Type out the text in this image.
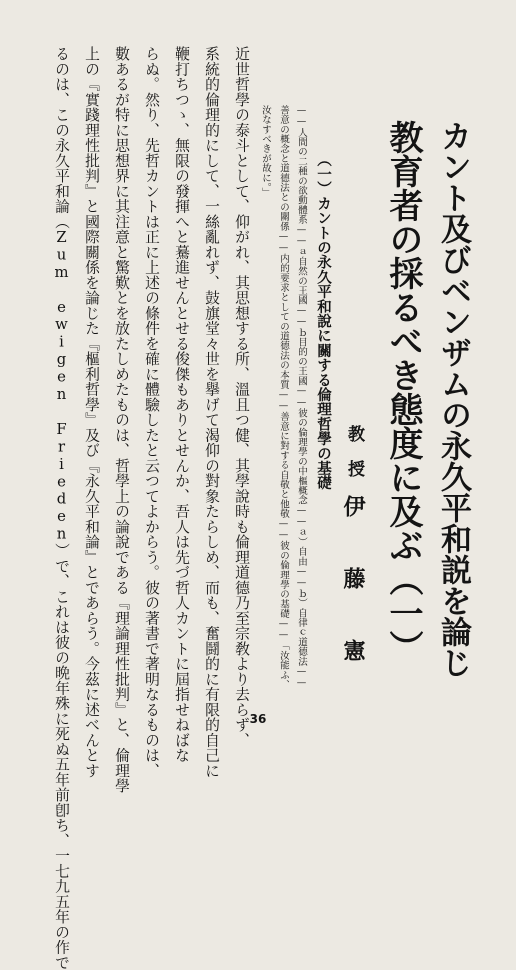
カント及びベンザムの永久平和説を論じ
教育者の採るべき態度に及ぶ（一）
教授
伊藤憲
（一）カントの永久平和說に關する倫理哲學の基礎
——人間の二種の欲動體系——ａ自然の王國——ｂ目的の王國——彼の倫理學の中樞概念——ａ）自由——ｂ）自律ｃ道德法——
善意の概念と道德法との關係——内的要求としての道德法の本質——善意に對する自敬と他敬——彼の倫理學の基礎——「汝能ふ、
汝なすべきが故に。」
近世哲學の泰斗として、仰がれ、其思想する所、溫且つ健、其學說時も倫理道德乃至宗敎より去らず、
系統的倫理的にして、一絲亂れず、鼓旗堂々世を擧げて渴仰の對象たらしめ、而も、奮鬪的に有限的自己に
鞭打ちつゝ、無限の發揮へと驀進せんとせる俊傑もありとせんか、吾人は先づ哲人カントに屆指せねばな
らぬ。然り、先哲カントは正に上述の條件を確に體驗したと云つてよからう。彼の著書で著明なるものは、
數あるが特に思想界に其注意と驚歎とを放たしめたものは、哲學上の論說である『理論理性批判』と、倫理學
上の『實踐理性批判』と國際關係を論じた『樞利哲學』及び『永久平和論』とであらう。今茲に述べんとす
るのは、この永久平和論（Zum ewigen Frieden）で、これは彼の晩年殊に死ぬ五年前卽ち、一七九五年の作で	36
